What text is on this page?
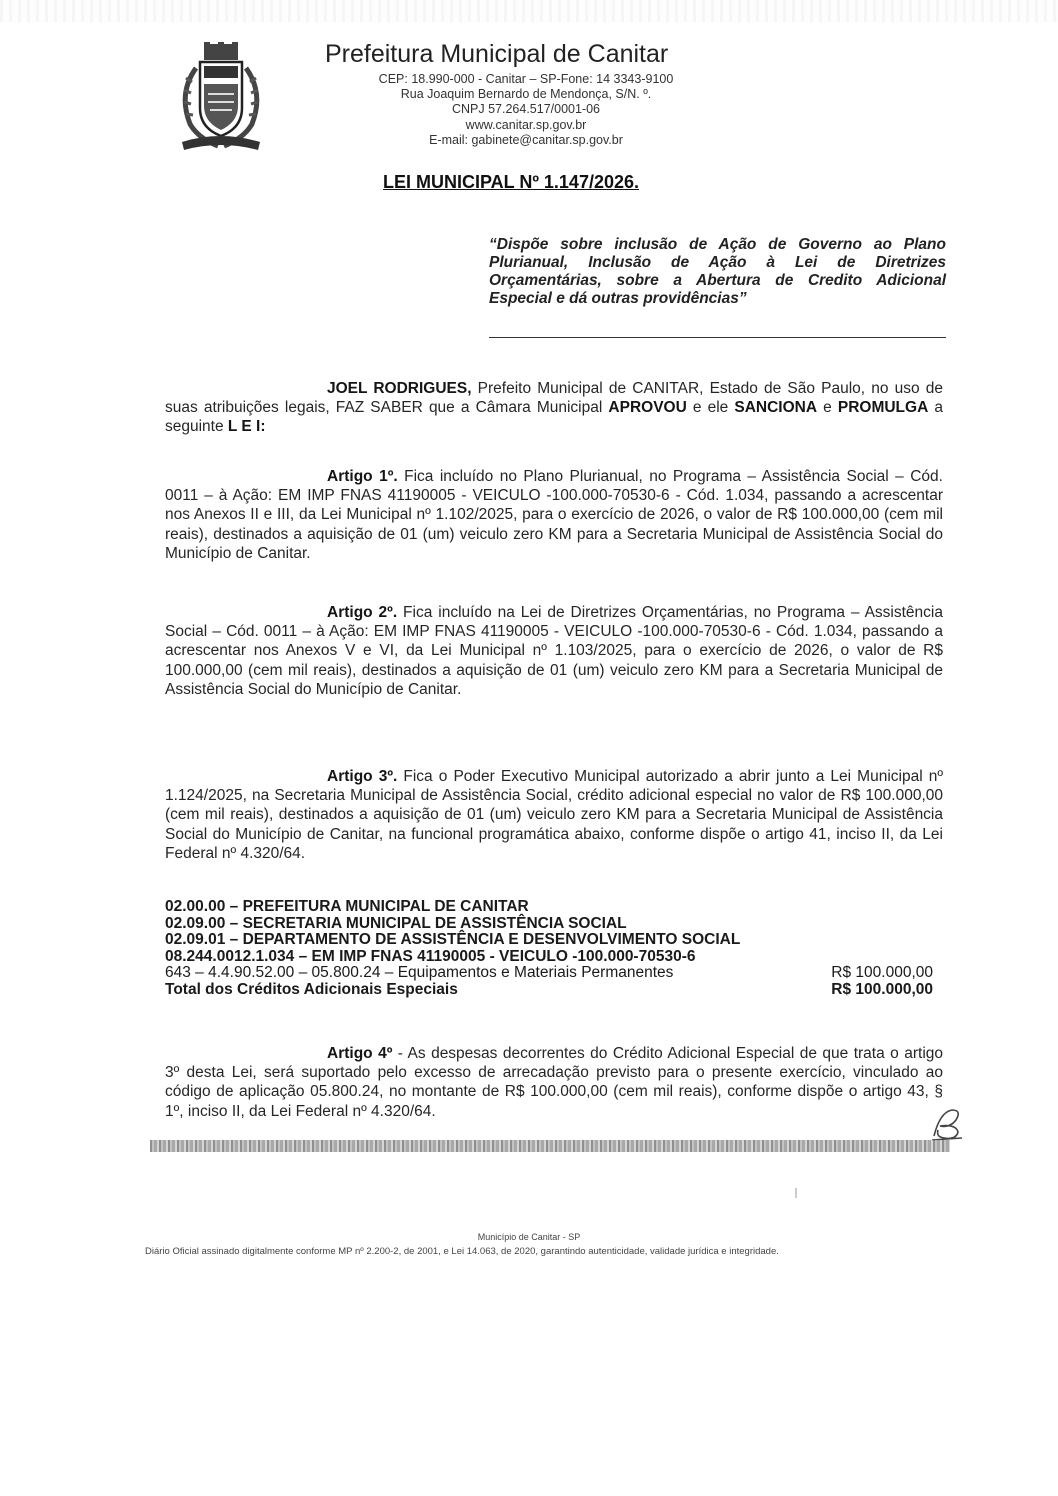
Prefeitura Municipal de Canitar
CEP: 18.990-000 - Canitar – SP-Fone: 14 3343-9100
Rua Joaquim Bernardo de Mendonça, S/N. º.
CNPJ 57.264.517/0001-06
www.canitar.sp.gov.br
E-mail: gabinete@canitar.sp.gov.br
LEI MUNICIPAL Nº 1.147/2026.
“Dispõe sobre inclusão de Ação de Governo ao Plano Plurianual, Inclusão de Ação à Lei de Diretrizes Orçamentárias, sobre a Abertura de Credito Adicional Especial e dá outras providências”
JOEL RODRIGUES, Prefeito Municipal de CANITAR, Estado de São Paulo, no uso de suas atribuições legais, FAZ SABER que a Câmara Municipal APROVOU e ele SANCIONA e PROMULGA a seguinte L E I:
Artigo 1º. Fica incluído no Plano Plurianual, no Programa – Assistência Social – Cód. 0011 – à Ação: EM IMP FNAS 41190005 - VEICULO -100.000-70530-6 - Cód. 1.034, passando a acrescentar nos Anexos II e III, da Lei Municipal nº 1.102/2025, para o exercício de 2026, o valor de R$ 100.000,00 (cem mil reais), destinados a aquisição de 01 (um) veiculo zero KM para a Secretaria Municipal de Assistência Social do Município de Canitar.
Artigo 2º. Fica incluído na Lei de Diretrizes Orçamentárias, no Programa – Assistência Social – Cód. 0011 – à Ação: EM IMP FNAS 41190005 - VEICULO -100.000-70530-6 - Cód. 1.034, passando a acrescentar nos Anexos V e VI, da Lei Municipal nº 1.103/2025, para o exercício de 2026, o valor de R$ 100.000,00 (cem mil reais), destinados a aquisição de 01 (um) veiculo zero KM para a Secretaria Municipal de Assistência Social do Município de Canitar.
Artigo 3º. Fica o Poder Executivo Municipal autorizado a abrir junto a Lei Municipal nº 1.124/2025, na Secretaria Municipal de Assistência Social, crédito adicional especial no valor de R$ 100.000,00 (cem mil reais), destinados a aquisição de 01 (um) veiculo zero KM para a Secretaria Municipal de Assistência Social do Município de Canitar, na funcional programática abaixo, conforme dispõe o artigo 41, inciso II, da Lei Federal nº 4.320/64.
02.00.00 – PREFEITURA MUNICIPAL DE CANITAR
02.09.00 – SECRETARIA MUNICIPAL DE ASSISTÊNCIA SOCIAL
02.09.01 – DEPARTAMENTO DE ASSISTÊNCIA E DESENVOLVIMENTO SOCIAL
08.244.0012.1.034 – EM IMP FNAS 41190005 - VEICULO -100.000-70530-6
643 – 4.4.90.52.00 – 05.800.24 – Equipamentos e Materiais Permanentes	R$ 100.000,00
Total dos Créditos Adicionais Especiais	R$ 100.000,00
Artigo 4º - As despesas decorrentes do Crédito Adicional Especial de que trata o artigo 3º desta Lei, será suportado pelo excesso de arrecadação previsto para o presente exercício, vinculado ao código de aplicação 05.800.24, no montante de R$ 100.000,00 (cem mil reais), conforme dispõe o artigo 43, § 1º, inciso II, da Lei Federal nº 4.320/64.
Município de Canitar - SP
Diário Oficial assinado digitalmente conforme MP nº 2.200-2, de 2001, e Lei 14.063, de 2020, garantindo autenticidade, validade jurídica e integridade.
